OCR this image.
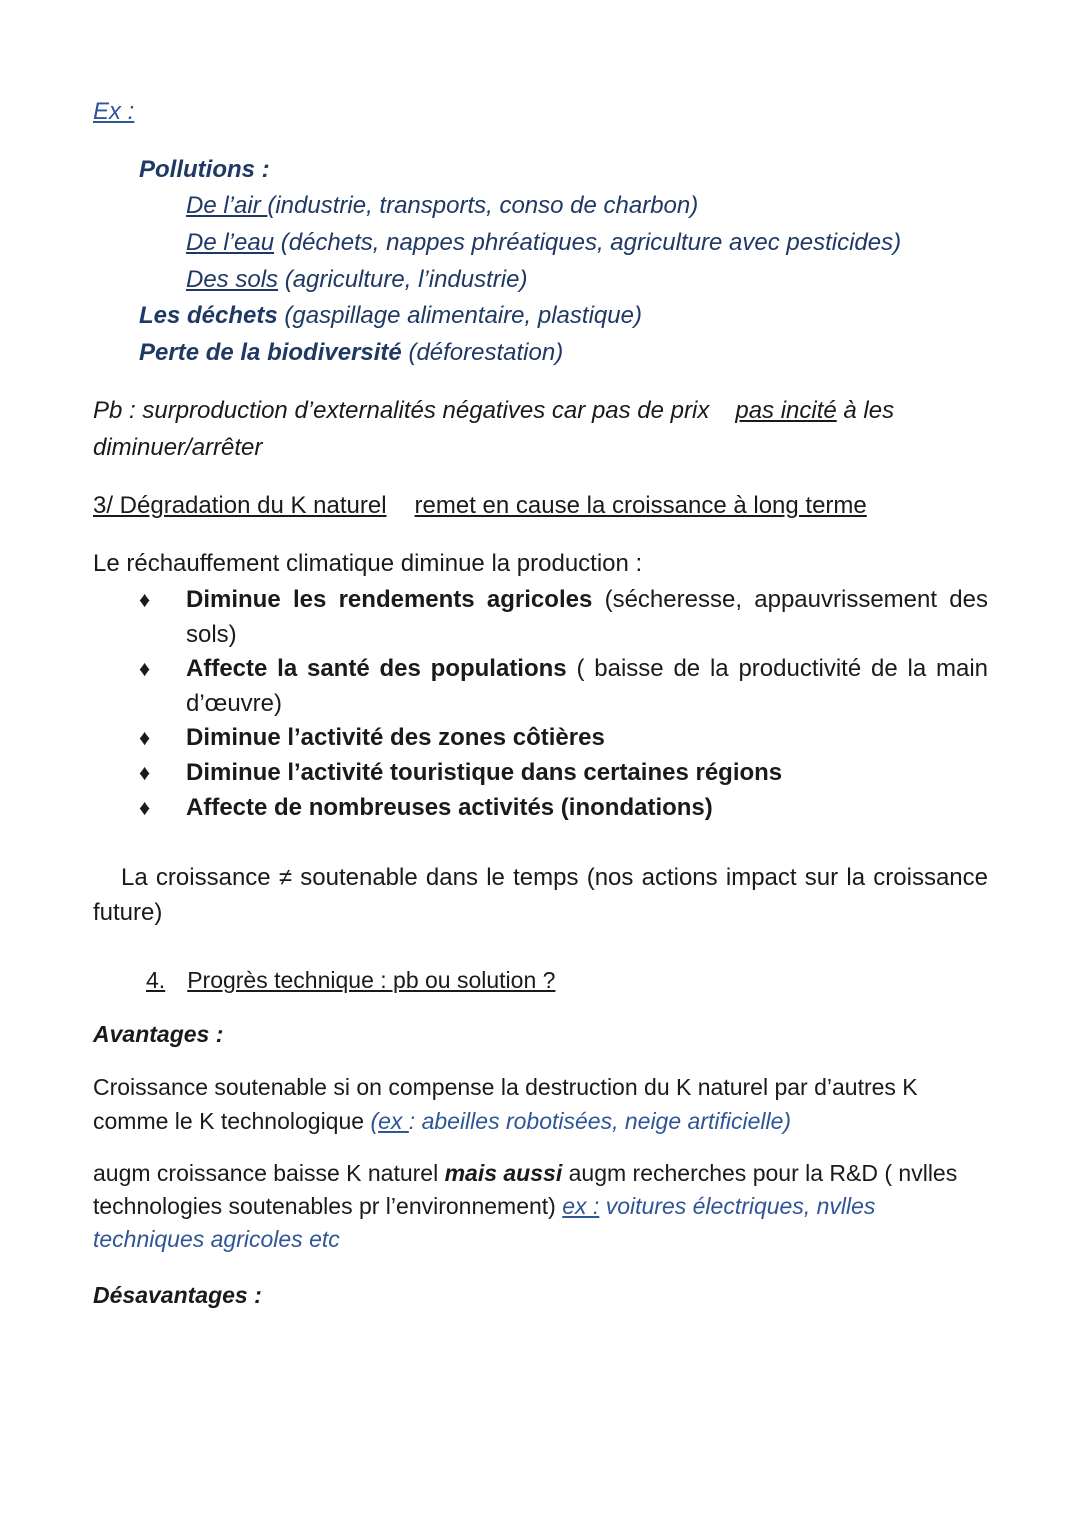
Ex :
Pollutions :
De l’air (industrie, transports, conso de charbon)
De l’eau (déchets, nappes phréatiques, agriculture avec pesticides)
Des sols (agriculture, l’industrie)
Les déchets (gaspillage alimentaire, plastique)
Perte de la biodiversité (déforestation)
Pb : surproduction d’externalités négatives car pas de prix pas incité à les
diminuer/arrêter
3/ Dégradation du K naturel remet en cause la croissance à long terme
Le réchauffement climatique diminue la production :
♦ Diminue les rendements agricoles (sécheresse, appauvrissement des sols)
♦ Affecte la santé des populations ( baisse de la productivité de la main d’œuvre)
♦ Diminue l’activité des zones côtières
♦ Diminue l’activité touristique dans certaines régions
♦ Affecte de nombreuses activités (inondations)
La croissance ≠ soutenable dans le temps (nos actions impact sur la croissance future)
4. Progrès technique : pb ou solution ?
Avantages :
Croissance soutenable si on compense la destruction du K naturel par d’autres K
comme le K technologique (ex : abeilles robotisées, neige artificielle)
augm croissance baisse K naturel mais aussi augm recherches pour la R&D ( nvlles
technologies soutenables pr l’environnement) ex : voitures électriques, nvlles
techniques agricoles etc
Désavantages :
